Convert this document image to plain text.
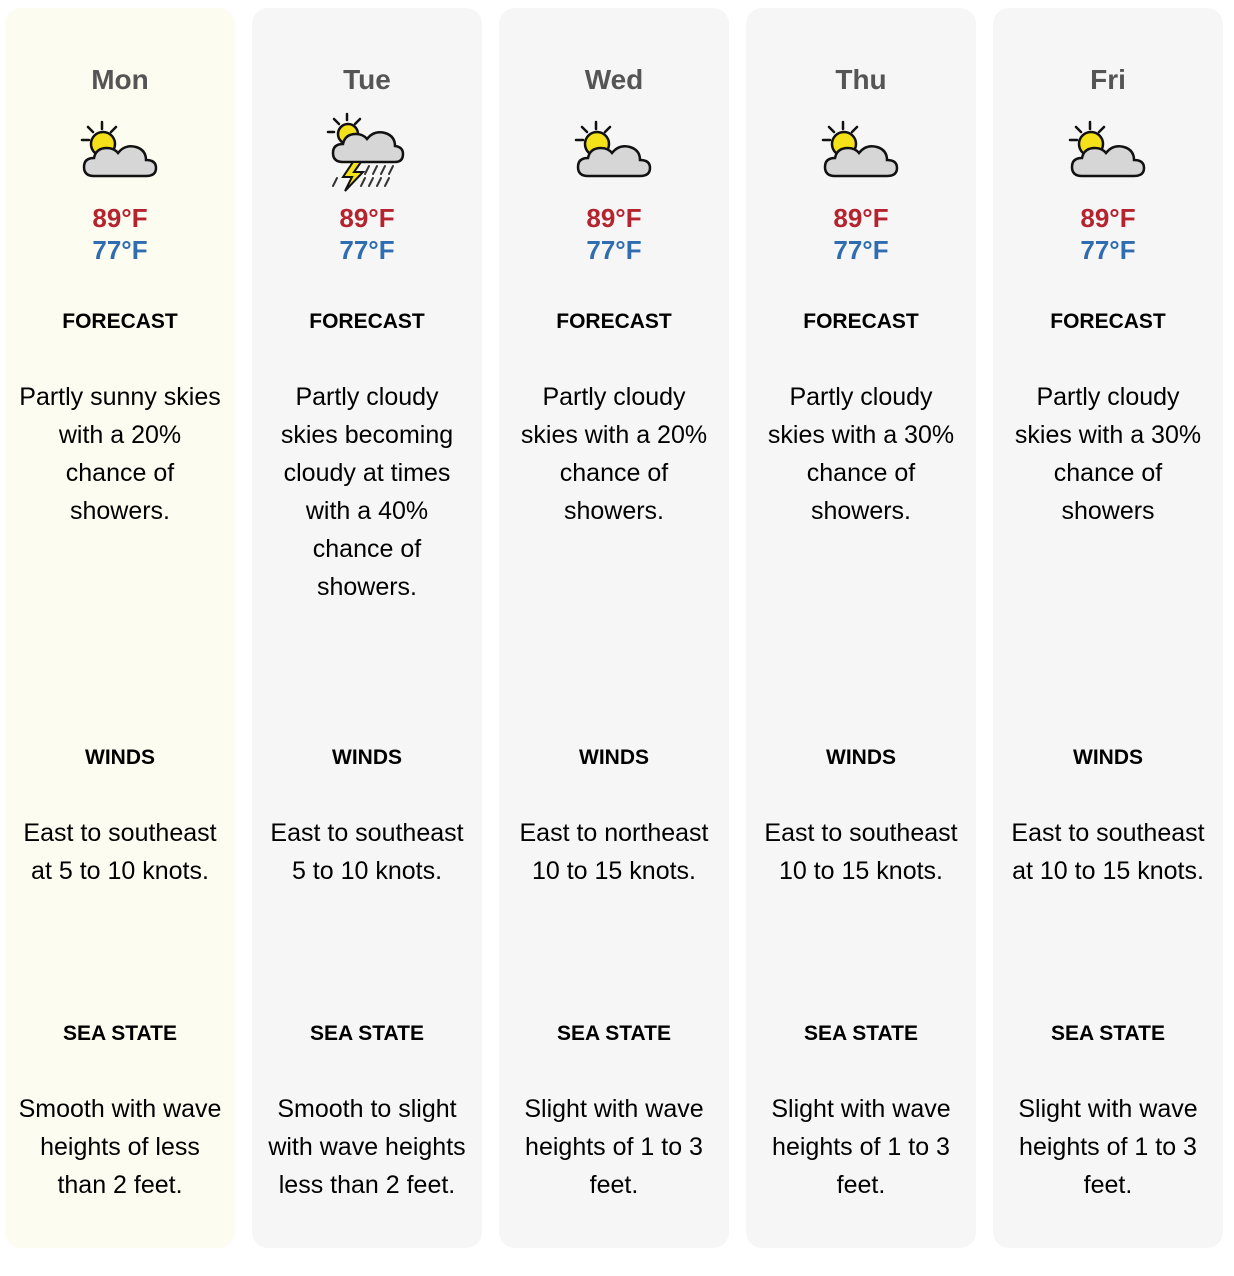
Mon
89°F
77°F
FORECAST
Partly sunny skies with a 20% chance of showers.
WINDS
East to southeast at 5 to 10 knots.
SEA STATE
Smooth with wave heights of less than 2 feet.
Tue
89°F
77°F
FORECAST
Partly cloudy skies becoming cloudy at times with a 40% chance of showers.
WINDS
East to southeast 5 to 10 knots.
SEA STATE
Smooth to slight with wave heights less than 2 feet.
Wed
89°F
77°F
FORECAST
Partly cloudy skies with a 20% chance of showers.
WINDS
East to northeast 10 to 15 knots.
SEA STATE
Slight with wave heights of 1 to 3 feet.
Thu
89°F
77°F
FORECAST
Partly cloudy skies with a 30% chance of showers.
WINDS
East to southeast 10 to 15 knots.
SEA STATE
Slight with wave heights of 1 to 3 feet.
Fri
89°F
77°F
FORECAST
Partly cloudy skies with a 30% chance of showers
WINDS
East to southeast at 10 to 15 knots.
SEA STATE
Slight with wave heights of 1 to 3 feet.
